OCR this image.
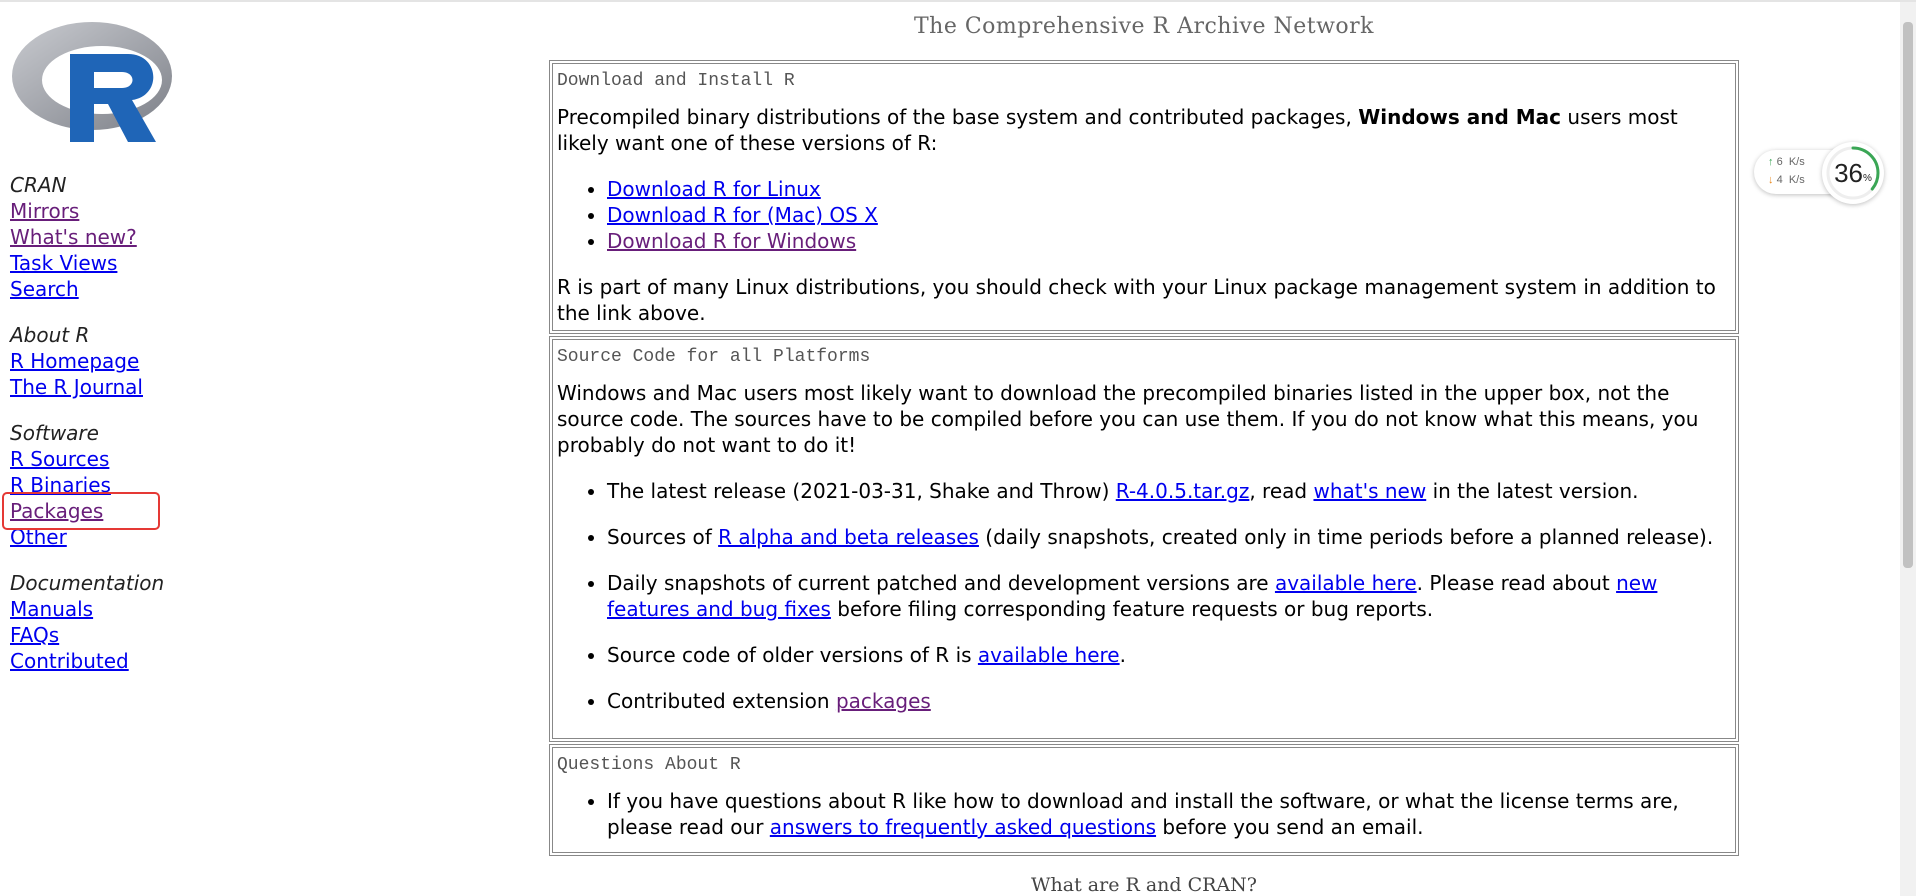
CRAN
Mirrors
What's new?
Task Views
Search
About R
R Homepage
The R Journal
Software
R Sources
R Binaries
Packages
Other
Documentation
Manuals
FAQs
Contributed
The Comprehensive R Archive Network
Download and Install R

Precompiled binary distributions of the base system and contributed packages, Windows and Mac users most likely want one of these versions of R:

• Download R for Linux
• Download R for (Mac) OS X
• Download R for Windows

R is part of many Linux distributions, you should check with your Linux package management system in addition to the link above.

Source Code for all Platforms

Windows and Mac users most likely want to download the precompiled binaries listed in the upper box, not the source code. The sources have to be compiled before you can use them. If you do not know what this means, you probably do not want to do it!

• The latest release (2021-03-31, Shake and Throw) R-4.0.5.tar.gz, read what's new in the latest version.
• Sources of R alpha and beta releases (daily snapshots, created only in time periods before a planned release).
• Daily snapshots of current patched and development versions are available here. Please read about new features and bug fixes before filing corresponding feature requests or bug reports.
• Source code of older versions of R is available here.
• Contributed extension packages
Questions About R
• If you have questions about R like how to download and install the software, or what the license terms are, please read our answers to frequently asked questions before you send an email.
What are R and CRAN?
↑ 6 K/s
↓ 4 K/s 36 %
